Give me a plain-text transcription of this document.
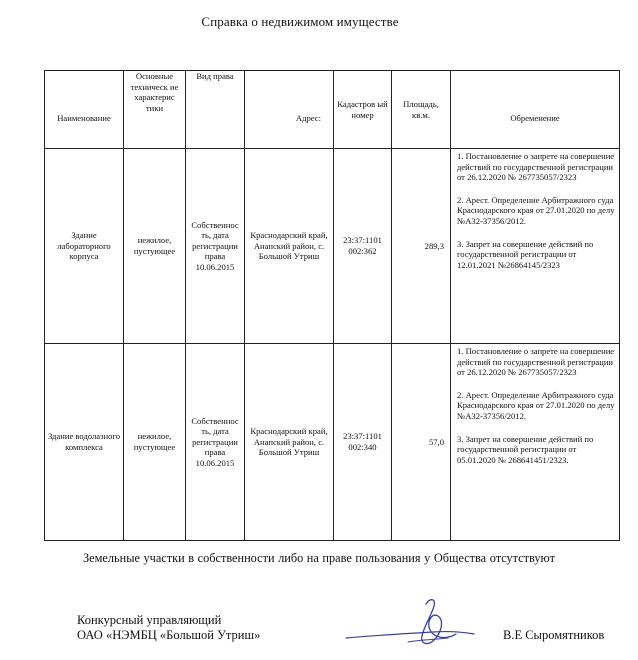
Справка о недвижимом имуществе
Наименование	Основные техническ ие характерис тики	Вид права	Адрес:	Кадастров ый номер	Площадь, кв.м.	Обременение
Здание лабораторного корпуса	нежилое, пустующее	Собственнос ть, дата регистрации права 10.06.2015	Краснодарский край, Анапский район, с. Большой Утриш	23:37:1101 002:362	289,3	1. Постановление о запрете на совершение действий по государственной регистрации от 26.12.2020 № 267735057/2323

2. Арест. Определение Арбитражного суда Краснодарского края от 27.01.2020 по делу №А32-37356/2012.

3. Запрет на совершение действий по государственной регистрации от 12.01.2021 №26864145/2323

Здание водолазного комплекса	нежилое, пустующее	Собственнос ть, дата регистрации права 10.06.2015	Краснодарский край, Анапский район, с. Большой Утриш	23:37:1101 002:340	57,0	1. Постановление о запрете на совершение действий по государственной регистрации от 26.12.2020 № 267735057/2323

2. Арест. Определение Арбитражного суда Краснодарского края от 27.01.2020 по делу №А32-37356/2012.

3. Запрет на совершение действий по государственной регистрации от 05.01.2020 № 268641451/2323.

Земельные участки в собственности либо на праве пользования у Общества отсутствуют
Конкурсный управляющий
ОАО «НЭМБЦ «Большой Утриш»	В.Е Сыромятников
